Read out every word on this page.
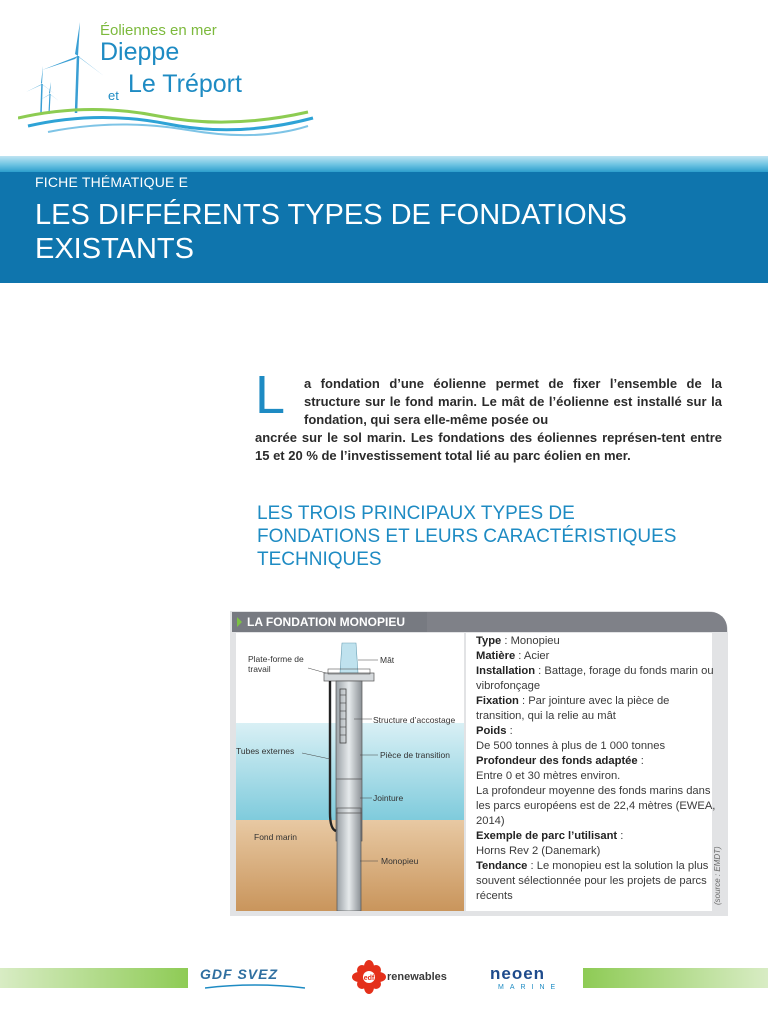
Éoliennes en mer
Dieppe
et Le Tréport
FICHE THÉMATIQUE E
LES DIFFÉRENTS TYPES DE FONDATIONS EXISTANTS
L a fondation d’une éolienne permet de fixer l’ensemble de la structure sur le fond marin. Le mât de l’éolienne est installé sur la fondation, qui sera elle-même posée ou
ancrée sur le sol marin. Les fondations des éoliennes représen-tent entre 15 et 20 % de l’investissement total lié au parc éolien en mer.
LES TROIS PRINCIPAUX TYPES DE FONDATIONS ET LEURS CARACTÉRISTIQUES TECHNIQUES
LA FONDATION MONOPIEU
Plate-forme de travail
Mât
Structure d’accostage
Tubes externes	Pièce de transition
Jointure
Fond marin
Monopieu

Type : Monopieu

Matière : Acier

Installation : Battage, forage du fonds marin ou vibrofonçage

Fixation : Par jointure avec la pièce de transition, qui la relie au mât

Poids :

De 500 tonnes à plus de 1 000 tonnes

Profondeur des fonds adaptée :

Entre 0 et 30 mètres environ.

La profondeur moyenne des fonds marins dans les parcs européens est de 22,4 mètres (EWEA, 2014)

Exemple de parc l’utilisant :

Horns Rev 2 (Danemark)

Tendance : Le monopieu est la solution la plus souvent sélectionnée pour les projets de parcs récents	(source : EMDT)
GDF SVEZ	edf renewables	neoen
MARINE
